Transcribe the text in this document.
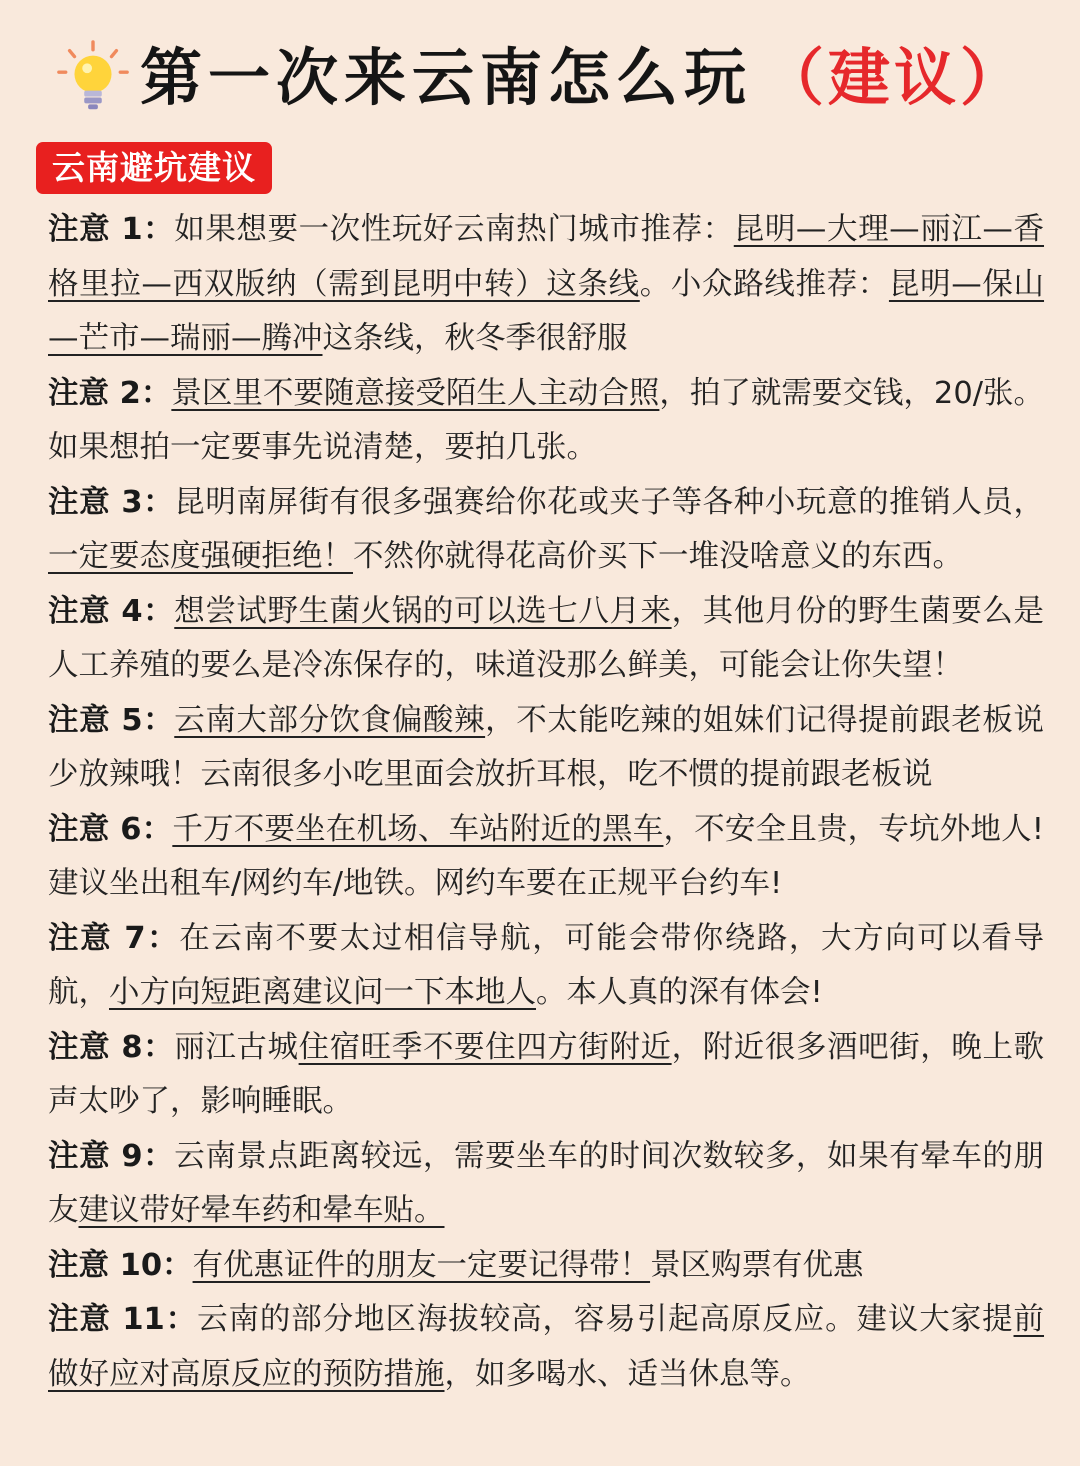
第一次来云南怎么玩 （建议）
云南避坑建议

注意 1：如果想要一次性玩好云南热门城市推荐：昆明—大理—丽江—香格里拉—西双版纳（需到昆明中转）这条线。小众路线推荐：昆明—保山—芒市—瑞丽—腾冲这条线，秋冬季很舒服

注意 2：景区里不要随意接受陌生人主动合照，拍了就需要交钱，20/张。如果想拍一定要事先说清楚，要拍几张。

注意 3：昆明南屏街有很多强赛给你花或夹子等各种小玩意的推销人员，一定要态度强硬拒绝！不然你就得花高价买下一堆没啥意义的东西。

注意 4：想尝试野生菌火锅的可以选七八月来，其他月份的野生菌要么是人工养殖的要么是冷冻保存的，味道没那么鲜美，可能会让你失望！

注意 5：云南大部分饮食偏酸辣，不太能吃辣的姐妹们记得提前跟老板说少放辣哦！云南很多小吃里面会放折耳根，吃不惯的提前跟老板说

注意 6：千万不要坐在机场、车站附近的黑车，不安全且贵，专坑外地人!建议坐出租车/网约车/地铁。网约车要在正规平台约车!

注意 7：在云南不要太过相信导航，可能会带你绕路，大方向可以看导航，小方向短距离建议问一下本地人。本人真的深有体会!

注意 8：丽江古城住宿旺季不要住四方街附近，附近很多酒吧街，晚上歌声太吵了，影响睡眠。

注意 9：云南景点距离较远，需要坐车的时间次数较多，如果有晕车的朋友建议带好晕车药和晕车贴。

注意 10：有优惠证件的朋友一定要记得带！景区购票有优惠

注意 11：云南的部分地区海拔较高，容易引起高原反应。建议大家提前做好应对高原反应的预防措施，如多喝水、适当休息等。
